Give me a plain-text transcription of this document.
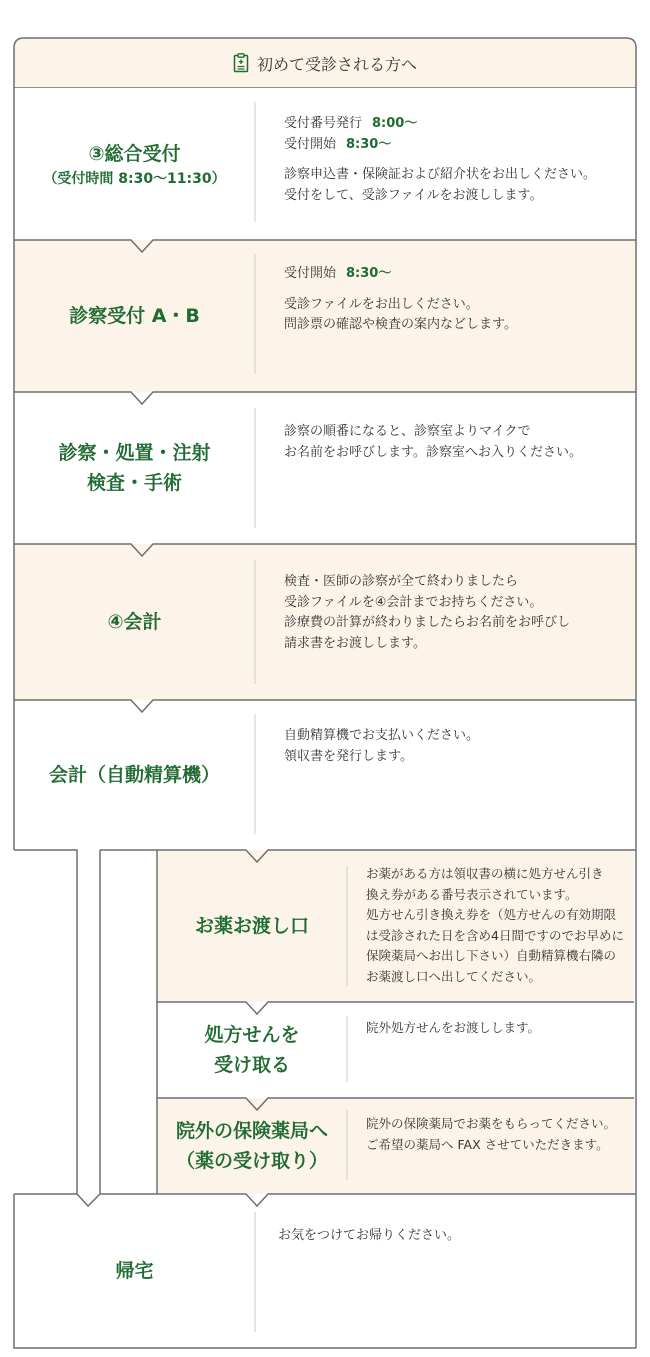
初めて受診される方へ
③総合受付
（受付時間 8:30〜11:30）
受付番号発行 8:00〜
受付開始 8:30〜
診察申込書・保険証および紹介状をお出しください。
受付をして、受診ファイルをお渡しします。
診察受付 A・B
受付開始 8:30〜
受診ファイルをお出しください。
問診票の確認や検査の案内などします。
診察・処置・注射
検査・手術
診察の順番になると、診察室よりマイクで
お名前をお呼びします。診察室へお入りください。
④会計
検査・医師の診察が全て終わりましたら
受診ファイルを④会計までお持ちください。
診療費の計算が終わりましたらお名前をお呼びし
請求書をお渡しします。
会計（自動精算機）
自動精算機でお支払いください。
領収書を発行します。
お薬お渡し口
お薬がある方は領収書の横に処方せん引き
換え券がある番号表示されています。
処方せん引き換え券を（処方せんの有効期限
は受診された日を含め4日間ですのでお早めに
保険薬局へお出し下さい）自動精算機右隣の
お薬渡し口へ出してください。
処方せんを
受け取る
院外処方せんをお渡しします。
院外の保険薬局へ
（薬の受け取り）
院外の保険薬局でお薬をもらってください。
ご希望の薬局へ FAX させていただきます。
帰宅
お気をつけてお帰りください。
